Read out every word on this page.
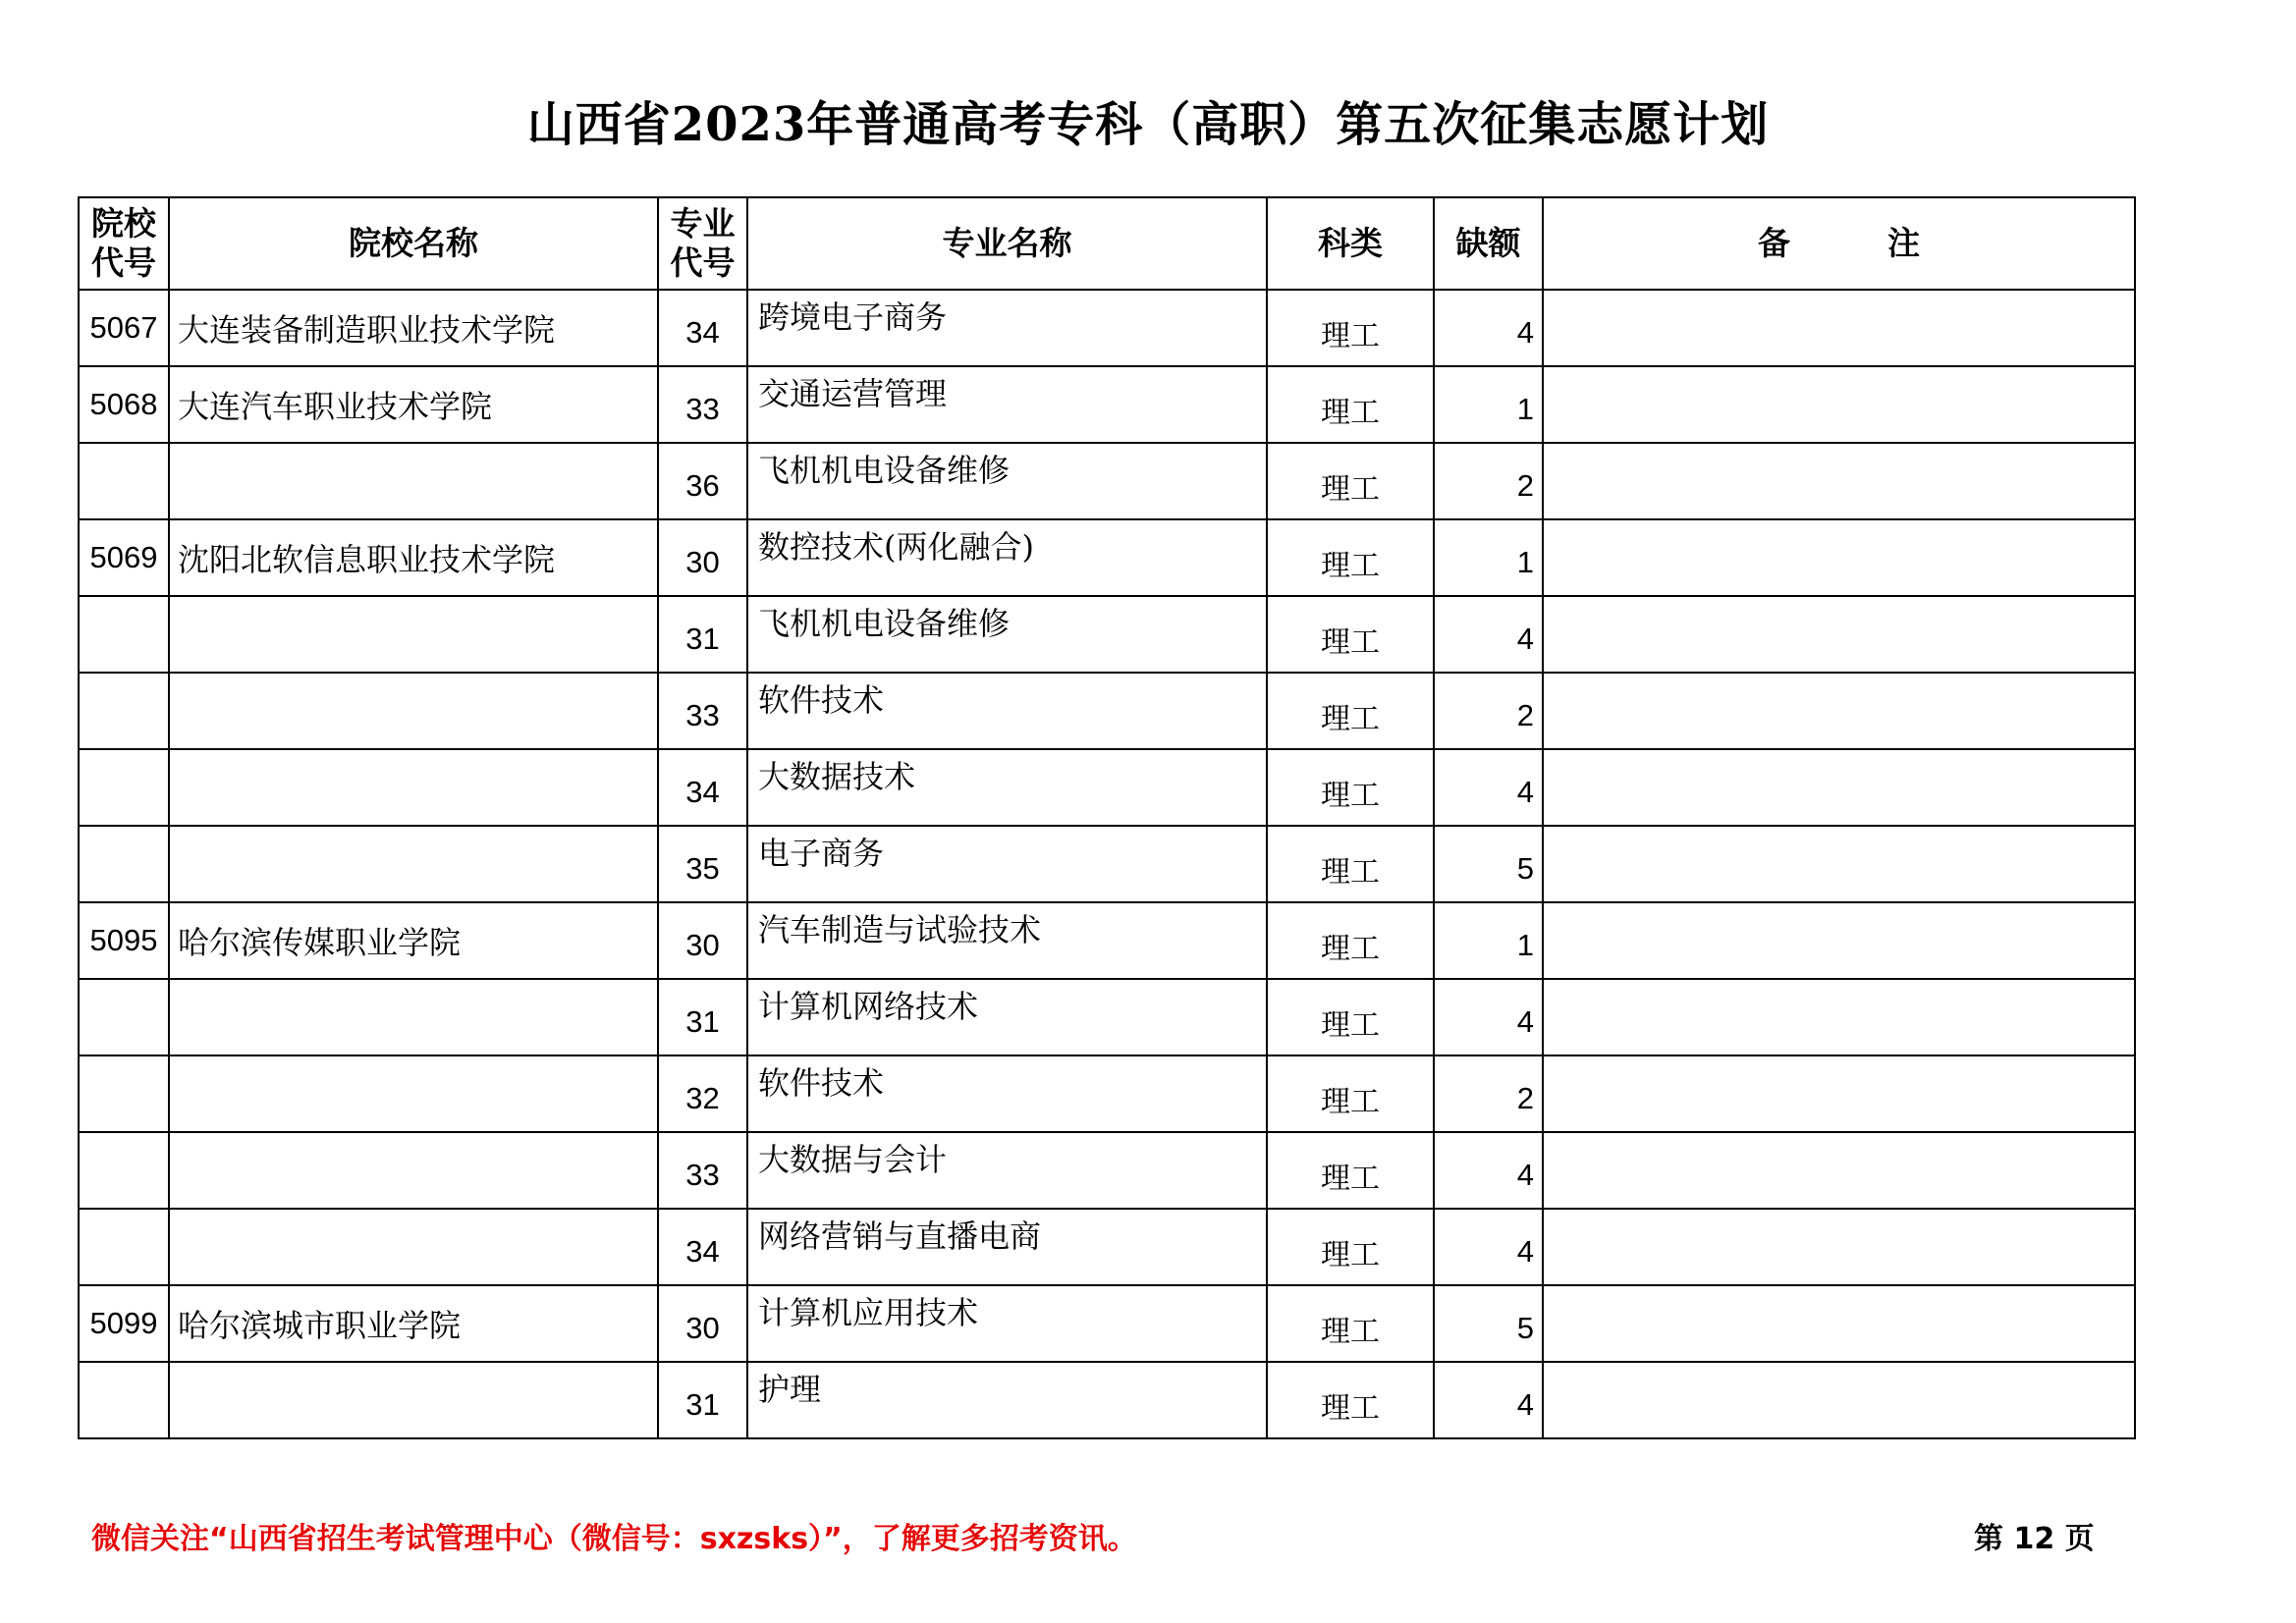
山西省2023年普通高考专科（高职）第五次征集志愿计划
院校代号	院校名称	专业代号	专业名称	科类	缺额	备　　　注
5067	大连装备制造职业技术学院	34	跨境电子商务	理工	4	
5068	大连汽车职业技术学院	33	交通运营管理	理工	1	
		36	飞机机电设备维修	理工	2	
5069	沈阳北软信息职业技术学院	30	数控技术(两化融合)	理工	1	
		31	飞机机电设备维修	理工	4	
		33	软件技术	理工	2	
		34	大数据技术	理工	4	
		35	电子商务	理工	5	
5095	哈尔滨传媒职业学院	30	汽车制造与试验技术	理工	1	
		31	计算机网络技术	理工	4	
		32	软件技术	理工	2	
		33	大数据与会计	理工	4	
		34	网络营销与直播电商	理工	4	
5099	哈尔滨城市职业学院	30	计算机应用技术	理工	5	
		31	护理	理工	4	
微信关注“山西省招生考试管理中心（微信号：sxzsks）”，了解更多招考资讯。	第 12 页
